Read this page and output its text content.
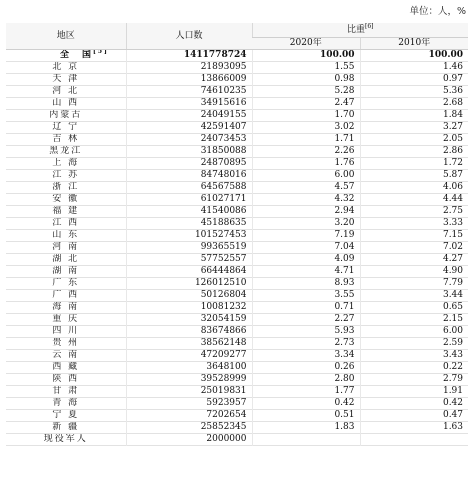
单位：人，%
地区	人口数	比重[6]
		2020年	2010年
全　国[5]	1411778724	100.00	100.00
北 京	21893095	1.55	1.46
天 津	13866009	0.98	0.97
河 北	74610235	5.28	5.36
山 西	34915616	2.47	2.68
内蒙古	24049155	1.70	1.84
辽 宁	42591407	3.02	3.27
吉 林	24073453	1.71	2.05
黑龙江	31850088	2.26	2.86
上 海	24870895	1.76	1.72
江 苏	84748016	6.00	5.87
浙 江	64567588	4.57	4.06
安 徽	61027171	4.32	4.44
福 建	41540086	2.94	2.75
江 西	45188635	3.20	3.33
山 东	101527453	7.19	7.15
河 南	99365519	7.04	7.02
湖 北	57752557	4.09	4.27
湖 南	66444864	4.71	4.90
广 东	126012510	8.93	7.79
广 西	50126804	3.55	3.44
海 南	10081232	0.71	0.65
重 庆	32054159	2.27	2.15
四 川	83674866	5.93	6.00
贵 州	38562148	2.73	2.59
云 南	47209277	3.34	3.43
西 藏	3648100	0.26	0.22
陕 西	39528999	2.80	2.79
甘 肃	25019831	1.77	1.91
青 海	5923957	0.42	0.42
宁 夏	7202654	0.51	0.47
新 疆	25852345	1.83	1.63
现役军人	2000000		
